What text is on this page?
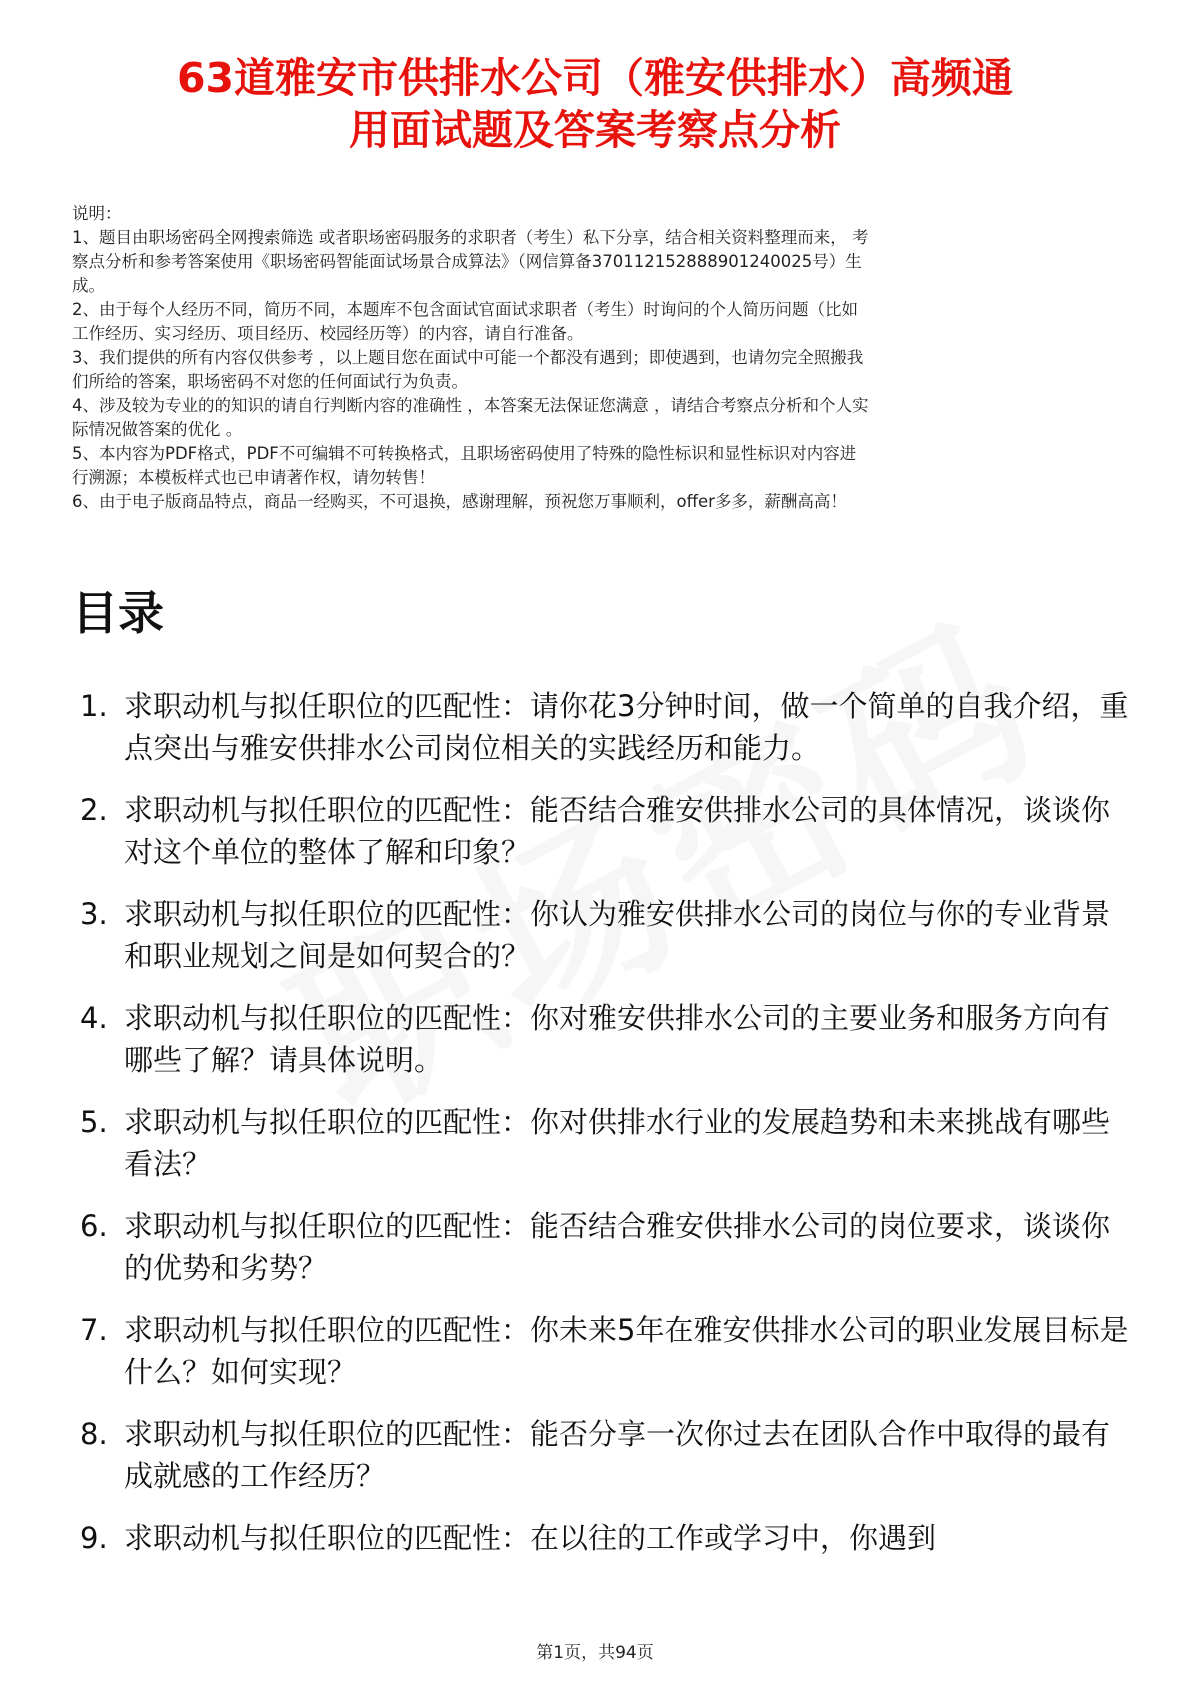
63道雅安市供排水公司（雅安供排水）高频通
用面试题及答案考察点分析
说明：
1、题目由职场密码全网搜索筛选 或者职场密码服务的求职者（考生）私下分享，结合相关资料整理而来， 考
察点分析和参考答案使用《职场密码智能面试场景合成算法》（网信算备370112152888901240025号）生
成。
2、由于每个人经历不同，简历不同，本题库不包含面试官面试求职者（考生）时询问的个人简历问题（比如
工作经历、实习经历、项目经历、校园经历等）的内容，请自行准备。
3、我们提供的所有内容仅供参考 ，以上题目您在面试中可能一个都没有遇到；即使遇到，也请勿完全照搬我
们所给的答案，职场密码不对您的任何面试行为负责。
4、涉及较为专业的的知识的请自行判断内容的准确性 ，本答案无法保证您满意 ，请结合考察点分析和个人实
际情况做答案的优化 。
5、本内容为PDF格式，PDF不可编辑不可转换格式，且职场密码使用了特殊的隐性标识和显性标识对内容进
行溯源；本模板样式也已申请著作权，请勿转售！
6、由于电子版商品特点，商品一经购买，不可退换，感谢理解，预祝您万事顺利，offer多多，薪酬高高！
目录
1. 求职动机与拟任职位的匹配性：请你花3分钟时间，做一个简单的自我介绍，重点突出与雅安供排水公司岗位相关的实践经历和能力。
2. 求职动机与拟任职位的匹配性：能否结合雅安供排水公司的具体情况，谈谈你对这个单位的整体了解和印象？
3. 求职动机与拟任职位的匹配性：你认为雅安供排水公司的岗位与你的专业背景和职业规划之间是如何契合的？
4. 求职动机与拟任职位的匹配性：你对雅安供排水公司的主要业务和服务方向有哪些了解？请具体说明。
5. 求职动机与拟任职位的匹配性：你对供排水行业的发展趋势和未来挑战有哪些看法？
6. 求职动机与拟任职位的匹配性：能否结合雅安供排水公司的岗位要求，谈谈你的优势和劣势？
7. 求职动机与拟任职位的匹配性：你未来5年在雅安供排水公司的职业发展目标是什么？如何实现？
8. 求职动机与拟任职位的匹配性：能否分享一次你过去在团队合作中取得的最有成就感的工作经历？
9. 求职动机与拟任职位的匹配性：在以往的工作或学习中，你遇到
第1页，共94页
